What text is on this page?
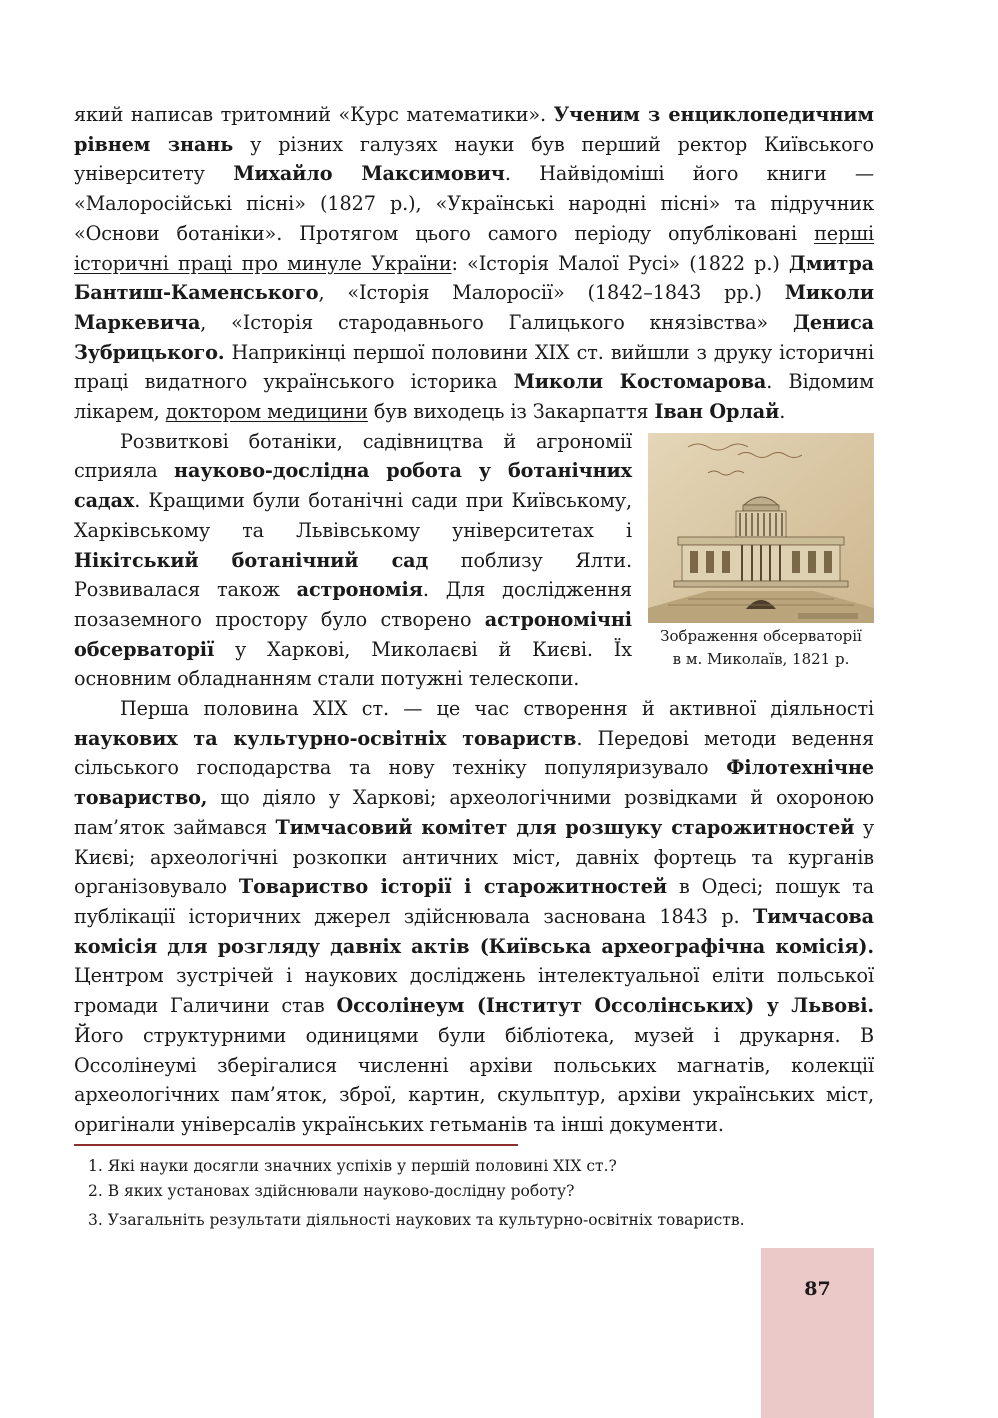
який написав тритомний «Курс математики». Ученим з енциклопедичним рівнем знань у різних галузях науки був перший ректор Київського університету Михайло Максимович. Найвідоміші його книги — «Малоросійські пісні» (1827 р.), «Українські народні пісні» та підручник «Основи ботаніки». Протягом цього самого періоду опубліковані перші історичні праці про минуле України: «Історія Малої Русі» (1822 р.) Дмитра Бантиш-Каменського, «Історія Малоросії» (1842–1843 рр.) Миколи Маркевича, «Історія стародавнього Галицького князівства» Дениса Зубрицького. Наприкінці першої половини XIX ст. вийшли з друку історичні праці видатного українського історика Миколи Костомарова. Відомим лікарем, доктором медицини був виходець із Закарпаття Іван Орлай.

Зображення обсерваторії
в м. Миколаїв, 1821 р.

Розвиткові ботаніки, садівництва й агрономії сприяла науково-дослідна робота у ботанічних садах. Кращими були ботанічні сади при Київському, Харківському та Львівському університетах і Нікітський ботанічний сад поблизу Ялти. Розвивалася також астрономія. Для дослідження позаземного простору було створено астрономічні обсерваторії у Харкові, Миколаєві й Києві. Їх основним обладнанням стали потужні телескопи.

Перша половина XIX ст. — це час створення й активної діяльності наукових та культурно-освітніх товариств. Передові методи ведення сільського господарства та нову техніку популяризувало Філотехнічне товариство, що діяло у Харкові; археологічними розвідками й охороною пам’яток займався Тимчасовий комітет для розшуку старожитностей у Києві; археологічні розкопки античних міст, давніх фортець та курганів організовувало Товариство історії і старожитностей в Одесі; пошук та публікації історичних джерел здійснювала заснована 1843 р. Тимчасова комісія для розгляду давніх актів (Київська археографічна комісія). Центром зустрічей і наукових досліджень інтелектуальної еліти польської громади Галичини став Оссолінеум (Інститут Оссолінських) у Львові. Його структурними одиницями були бібліотека, музей і друкарня. В Оссолінеумі зберігалися численні архіви польських магнатів, колекції археологічних пам’яток, зброї, картин, скульптур, архіви українських міст, оригінали універсалів українських гетьманів та інші документи.

1. Які науки досягли значних успіхів у першій половині XIX ст.?
2. В яких установах здійснювали науково-дослідну роботу?
3. Узагальніть результати діяльності наукових та культурно-освітніх товариств.
87
